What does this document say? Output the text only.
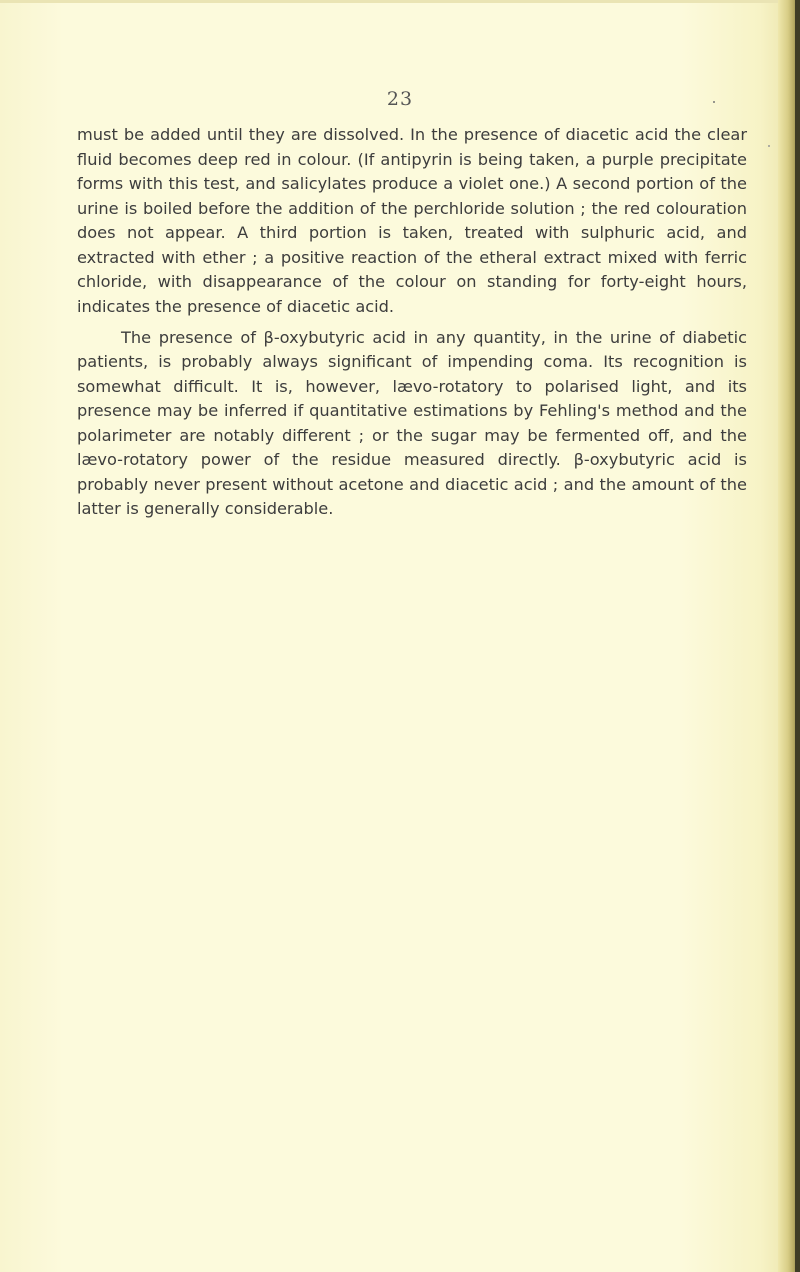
23

must be added until they are dissolved. In the presence of diacetic acid the clear fluid becomes deep red in colour. (If antipyrin is being taken, a purple precipitate forms with this test, and salicylates produce a violet one.) A second portion of the urine is boiled before the addition of the perchloride solution ; the red colouration does not appear. A third portion is taken, treated with sulphuric acid, and extracted with ether ; a positive reaction of the etheral extract mixed with ferric chloride, with disappearance of the colour on standing for forty-eight hours, indicates the presence of diacetic acid.

The presence of β-oxybutyric acid in any quantity, in the urine of diabetic patients, is probably always significant of impending coma. Its recognition is somewhat difficult. It is, however, lævo-rotatory to polarised light, and its presence may be inferred if quantitative estimations by Fehling's method and the polarimeter are notably different ; or the sugar may be fermented off, and the lævo-rotatory power of the residue measured directly. β-oxybutyric acid is probably never present without acetone and diacetic acid ; and the amount of the latter is generally considerable.
